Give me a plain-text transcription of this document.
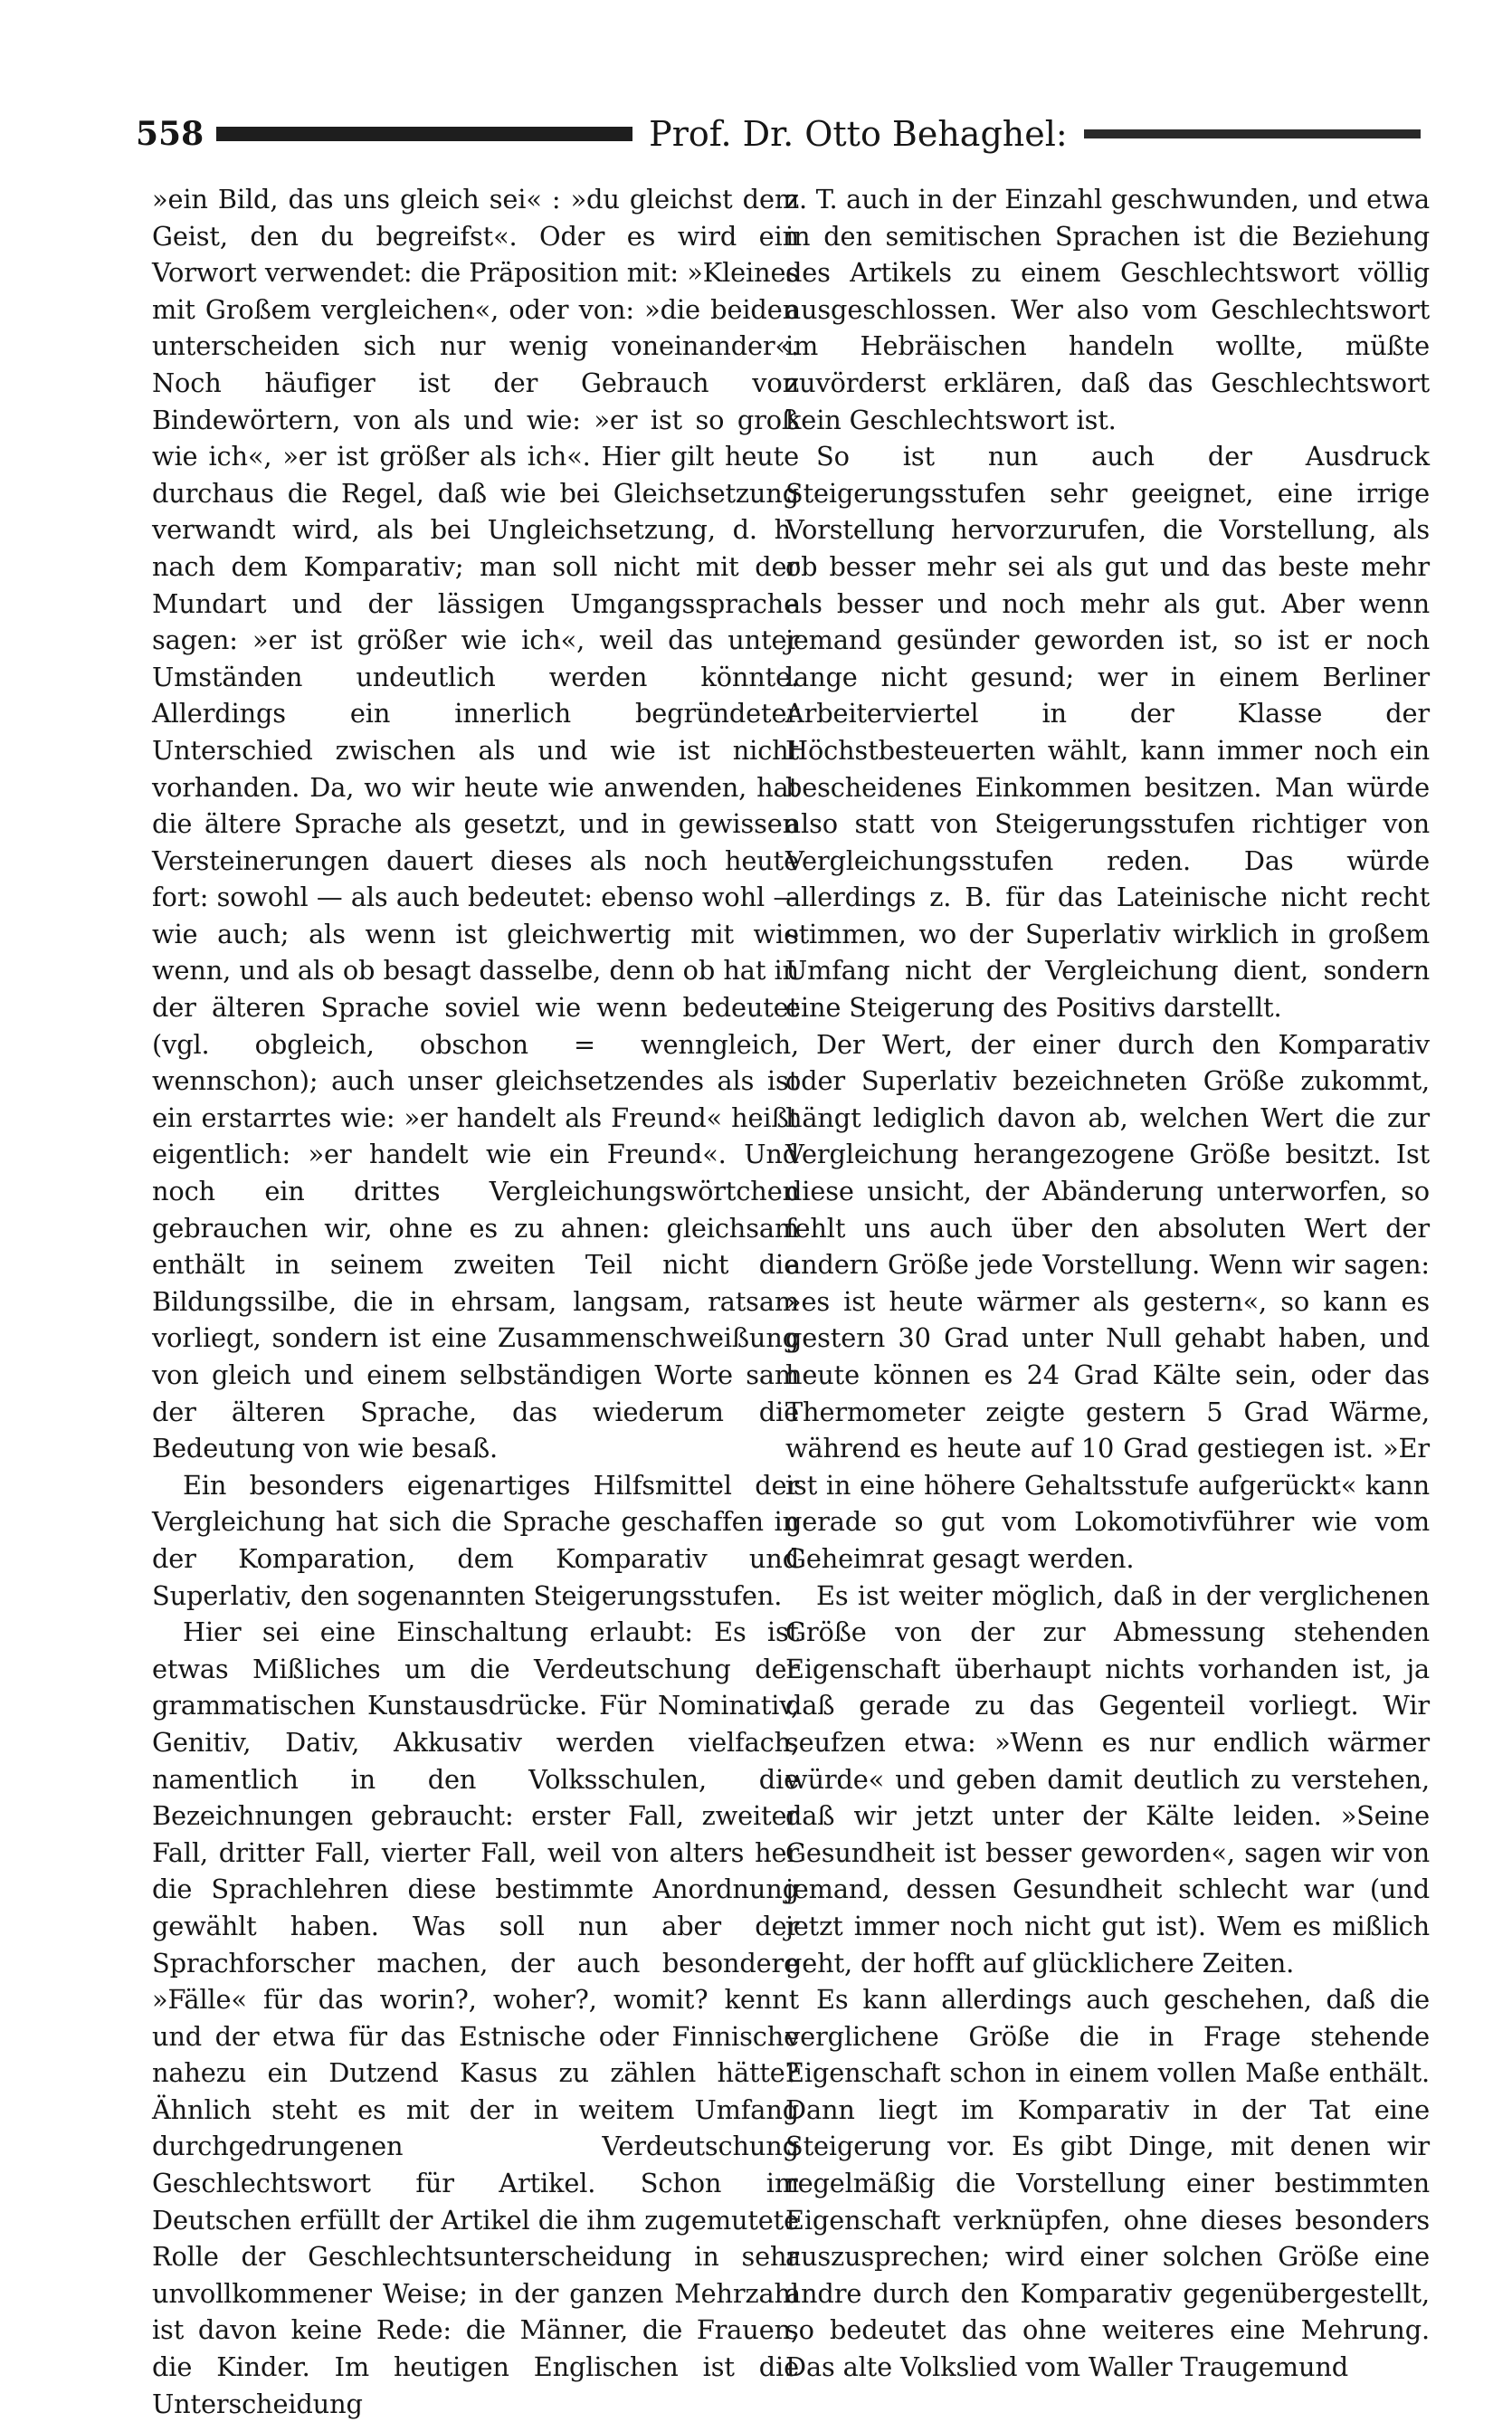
558	Prof. Dr. Otto Behaghel:

»ein Bild, das uns gleich sei« : »du gleichst dem Geist, den du begreifst«. Oder es wird ein Vorwort verwendet: die Präposition mit: »Kleines mit Großem vergleichen«, oder von: »die beiden unterscheiden sich nur wenig voneinander«. Noch häufiger ist der Gebrauch von Bindewörtern, von als und wie: »er ist so groß wie ich«, »er ist größer als ich«. Hier gilt heute durchaus die Regel, daß wie bei Gleichsetzung verwandt wird, als bei Ungleichsetzung, d. h. nach dem Komparativ; man soll nicht mit der Mundart und der lässigen Umgangssprache sagen: »er ist größer wie ich«, weil das unter Umständen undeutlich werden könnte. Allerdings ein innerlich begründeter Unterschied zwischen als und wie ist nicht vorhanden. Da, wo wir heute wie anwenden, hat die ältere Sprache als gesetzt, und in gewissen Versteinerungen dauert dieses als noch heute fort: sowohl — als auch bedeutet: ebenso wohl — wie auch; als wenn ist gleichwertig mit wie wenn, und als ob besagt dasselbe, denn ob hat in der älteren Sprache soviel wie wenn bedeutet (vgl. obgleich, obschon = wenngleich, wennschon); auch unser gleichsetzendes als ist ein erstarrtes wie: »er handelt als Freund« heißt eigentlich: »er handelt wie ein Freund«. Und noch ein drittes Vergleichungswörtchen gebrauchen wir, ohne es zu ahnen: gleichsam enthält in seinem zweiten Teil nicht die Bildungssilbe, die in ehrsam, langsam, ratsam vorliegt, sondern ist eine Zusammenschweißung von gleich und einem selbständigen Worte sam der älteren Sprache, das wiederum die Bedeutung von wie besaß.

Ein besonders eigenartiges Hilfsmittel der Vergleichung hat sich die Sprache geschaffen in der Komparation, dem Komparativ und Superlativ, den sogenannten Steigerungsstufen.

Hier sei eine Einschaltung erlaubt: Es ist etwas Mißliches um die Verdeutschung der grammatischen Kunstausdrücke. Für Nominativ, Genitiv, Dativ, Akkusativ werden vielfach, namentlich in den Volksschulen, die Bezeichnungen gebraucht: erster Fall, zweiter Fall, dritter Fall, vierter Fall, weil von alters her die Sprachlehren diese bestimmte Anordnung gewählt haben. Was soll nun aber der Sprachforscher machen, der auch besondere »Fälle« für das worin?, woher?, womit? kennt und der etwa für das Estnische oder Finnische nahezu ein Dutzend Kasus zu zählen hätte? Ähnlich steht es mit der in weitem Umfang durchgedrungenen Verdeutschung Geschlechtswort für Artikel. Schon im Deutschen erfüllt der Artikel die ihm zugemutete Rolle der Geschlechtsunterscheidung in sehr unvollkommener Weise; in der ganzen Mehrzahl ist davon keine Rede: die Männer, die Frauen, die Kinder. Im heutigen Englischen ist die Unterscheidung

z. T. auch in der Einzahl geschwunden, und etwa in den semitischen Sprachen ist die Beziehung des Artikels zu einem Geschlechtswort völlig ausgeschlossen. Wer also vom Geschlechtswort im Hebräischen handeln wollte, müßte zuvörderst erklären, daß das Geschlechtswort kein Geschlechtswort ist.

So ist nun auch der Ausdruck Steigerungsstufen sehr geeignet, eine irrige Vorstellung hervorzurufen, die Vorstellung, als ob besser mehr sei als gut und das beste mehr als besser und noch mehr als gut. Aber wenn jemand gesünder geworden ist, so ist er noch lange nicht gesund; wer in einem Berliner Arbeiterviertel in der Klasse der Höchstbesteuerten wählt, kann immer noch ein bescheidenes Einkommen besitzen. Man würde also statt von Steigerungsstufen richtiger von Vergleichungsstufen reden. Das würde allerdings z. B. für das Lateinische nicht recht stimmen, wo der Superlativ wirklich in großem Umfang nicht der Vergleichung dient, sondern eine Steigerung des Positivs darstellt.

Der Wert, der einer durch den Komparativ oder Superlativ bezeichneten Größe zukommt, hängt lediglich davon ab, welchen Wert die zur Vergleichung herangezogene Größe besitzt. Ist diese unsicht, der Abänderung unterworfen, so fehlt uns auch über den absoluten Wert der andern Größe jede Vorstellung. Wenn wir sagen: »es ist heute wärmer als gestern«, so kann es gestern 30 Grad unter Null gehabt haben, und heute können es 24 Grad Kälte sein, oder das Thermometer zeigte gestern 5 Grad Wärme, während es heute auf 10 Grad gestiegen ist. »Er ist in eine höhere Gehaltsstufe aufgerückt« kann gerade so gut vom Lokomotivführer wie vom Geheimrat gesagt werden.

Es ist weiter möglich, daß in der verglichenen Größe von der zur Abmessung stehenden Eigenschaft überhaupt nichts vorhanden ist, ja daß gerade zu das Gegenteil vorliegt. Wir seufzen etwa: »Wenn es nur endlich wärmer würde« und geben damit deutlich zu verstehen, daß wir jetzt unter der Kälte leiden. »Seine Gesundheit ist besser geworden«, sagen wir von jemand, dessen Gesundheit schlecht war (und jetzt immer noch nicht gut ist). Wem es mißlich geht, der hofft auf glücklichere Zeiten.

Es kann allerdings auch geschehen, daß die verglichene Größe die in Frage stehende Eigenschaft schon in einem vollen Maße enthält. Dann liegt im Komparativ in der Tat eine Steigerung vor. Es gibt Dinge, mit denen wir regelmäßig die Vorstellung einer bestimmten Eigenschaft verknüpfen, ohne dieses besonders auszusprechen; wird einer solchen Größe eine andre durch den Komparativ gegenübergestellt, so bedeutet das ohne weiteres eine Mehrung. Das alte Volkslied vom Waller Traugemund
